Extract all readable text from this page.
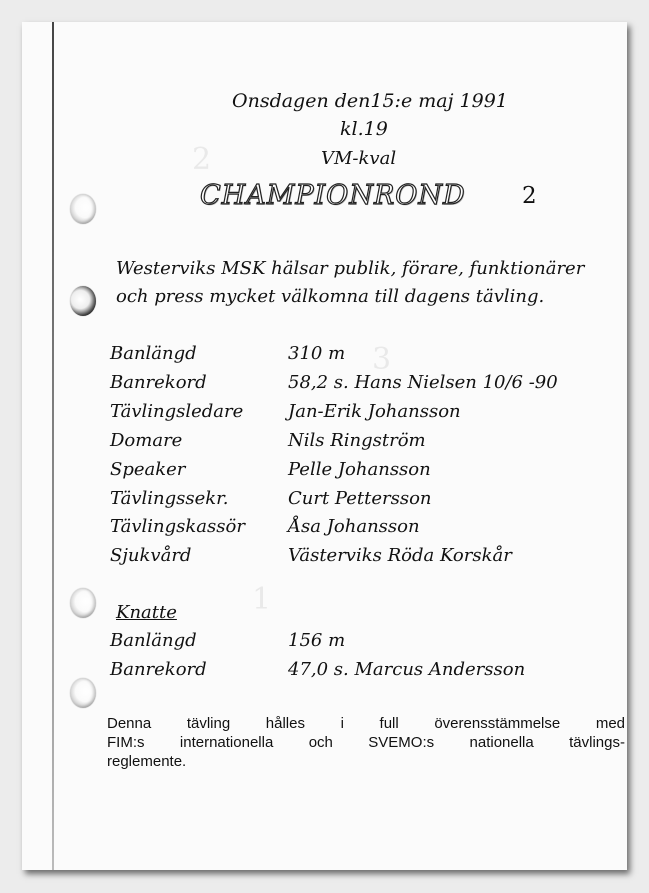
2
3
1
Onsdagen den15:e maj 1991
kl.19
VM-kval
CHAMPIONROND 2
Westerviks MSK hälsar publik, förare, funktionärer
och press mycket välkomna till dagens tävling.
Banlängd	310 m
Banrekord	58,2 s. Hans Nielsen 10/6 -90
Tävlingsledare Jan-Erik Johansson
Domare	Nils Ringström
Speaker	Pelle Johansson
Tävlingssekr.	Curt Pettersson
Tävlingskassör Åsa Johansson
Sjukvård	Västerviks Röda Korskår
Knatte
Banlängd	156 m
Banrekord	47,0 s. Marcus Andersson
Denna tävling hålles i full överensstämmelse med
FIM:s internationella och SVEMO:s nationella tävlings-
reglemente.
